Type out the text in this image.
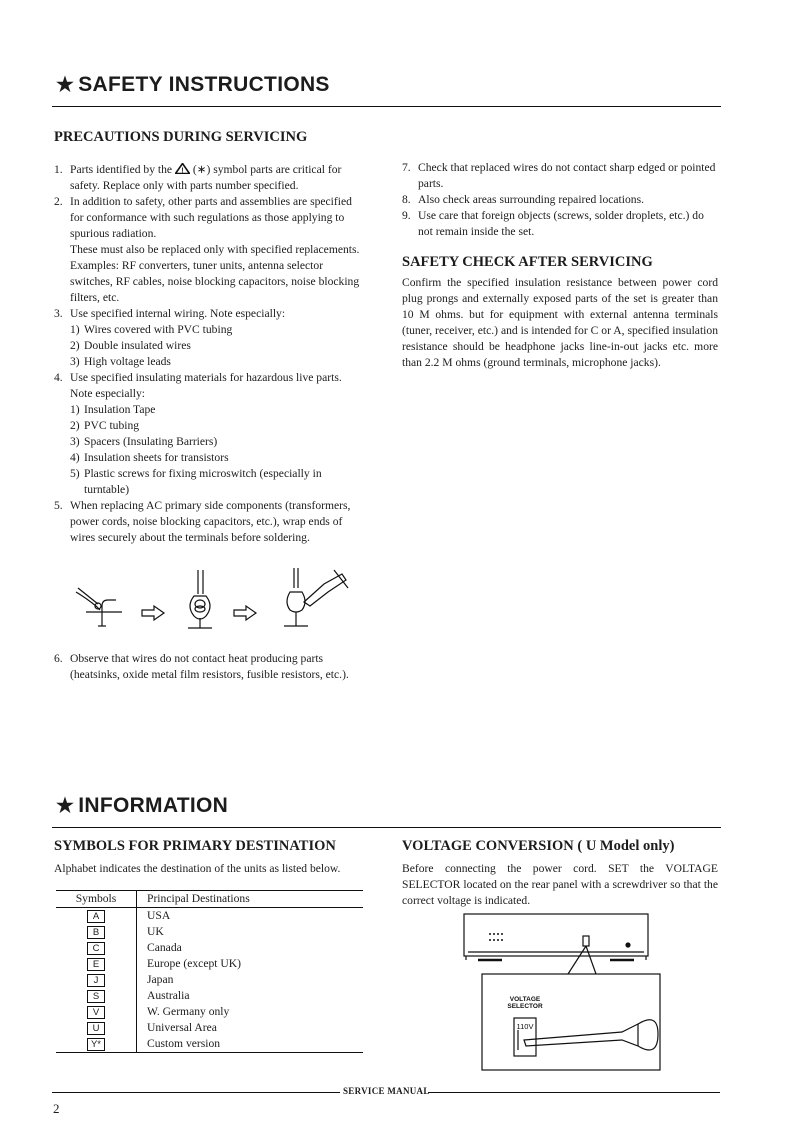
★ SAFETY INSTRUCTIONS
PRECAUTIONS DURING SERVICING
1. Parts identified by the ! (∗) symbol parts are critical for safety. Replace only with parts number specified.
2. In addition to safety, other parts and assemblies are specified for conformance with such regulations as those applying to spurious radiation.
These must also be replaced only with specified replacements.
Examples: RF converters, tuner units, antenna selector switches, RF cables, noise blocking capacitors, noise blocking filters, etc.
3. Use specified internal wiring. Note especially:
1) Wires covered with PVC tubing
2) Double insulated wires
3) High voltage leads
4. Use specified insulating materials for hazardous live parts. Note especially:
1) Insulation Tape
2) PVC tubing
3) Spacers (Insulating Barriers)
4) Insulation sheets for transistors
5) Plastic screws for fixing microswitch (especially in turntable)
5. When replacing AC primary side components (transformers, power cords, noise blocking capacitors, etc.), wrap ends of wires securely about the terminals before soldering.
6. Observe that wires do not contact heat producing parts (heatsinks, oxide metal film resistors, fusible resistors, etc.).
7. Check that replaced wires do not contact sharp edged or pointed parts.
8. Also check areas surrounding repaired locations.
9. Use care that foreign objects (screws, solder droplets, etc.) do not remain inside the set.
SAFETY CHECK AFTER SERVICING
Confirm the specified insulation resistance between power cord plug prongs and externally exposed parts of the set is greater than 10 M ohms. but for equipment with external antenna terminals (tuner, receiver, etc.) and is intended for C or A, specified insulation resistance should be headphone jacks line-in-out jacks etc. more than 2.2 M ohms (ground terminals, microphone jacks).
★ INFORMATION
SYMBOLS FOR PRIMARY DESTINATION
Alphabet indicates the destination of the units as listed below.
Symbols	Principal Destinations
A	USA
B	UK
C	Canada
E	Europe (except UK)
J	Japan
S	Australia
V	W. Germany only
U	Universal Area
Y*	Custom version
VOLTAGE CONVERSION ( U Model only)
Before connecting the power cord. SET the VOLTAGE SELECTOR located on the rear panel with a screwdriver so that the correct voltage is indicated.
VOLTAGE
SELECTOR
110V
SERVICE MANUAL
2
